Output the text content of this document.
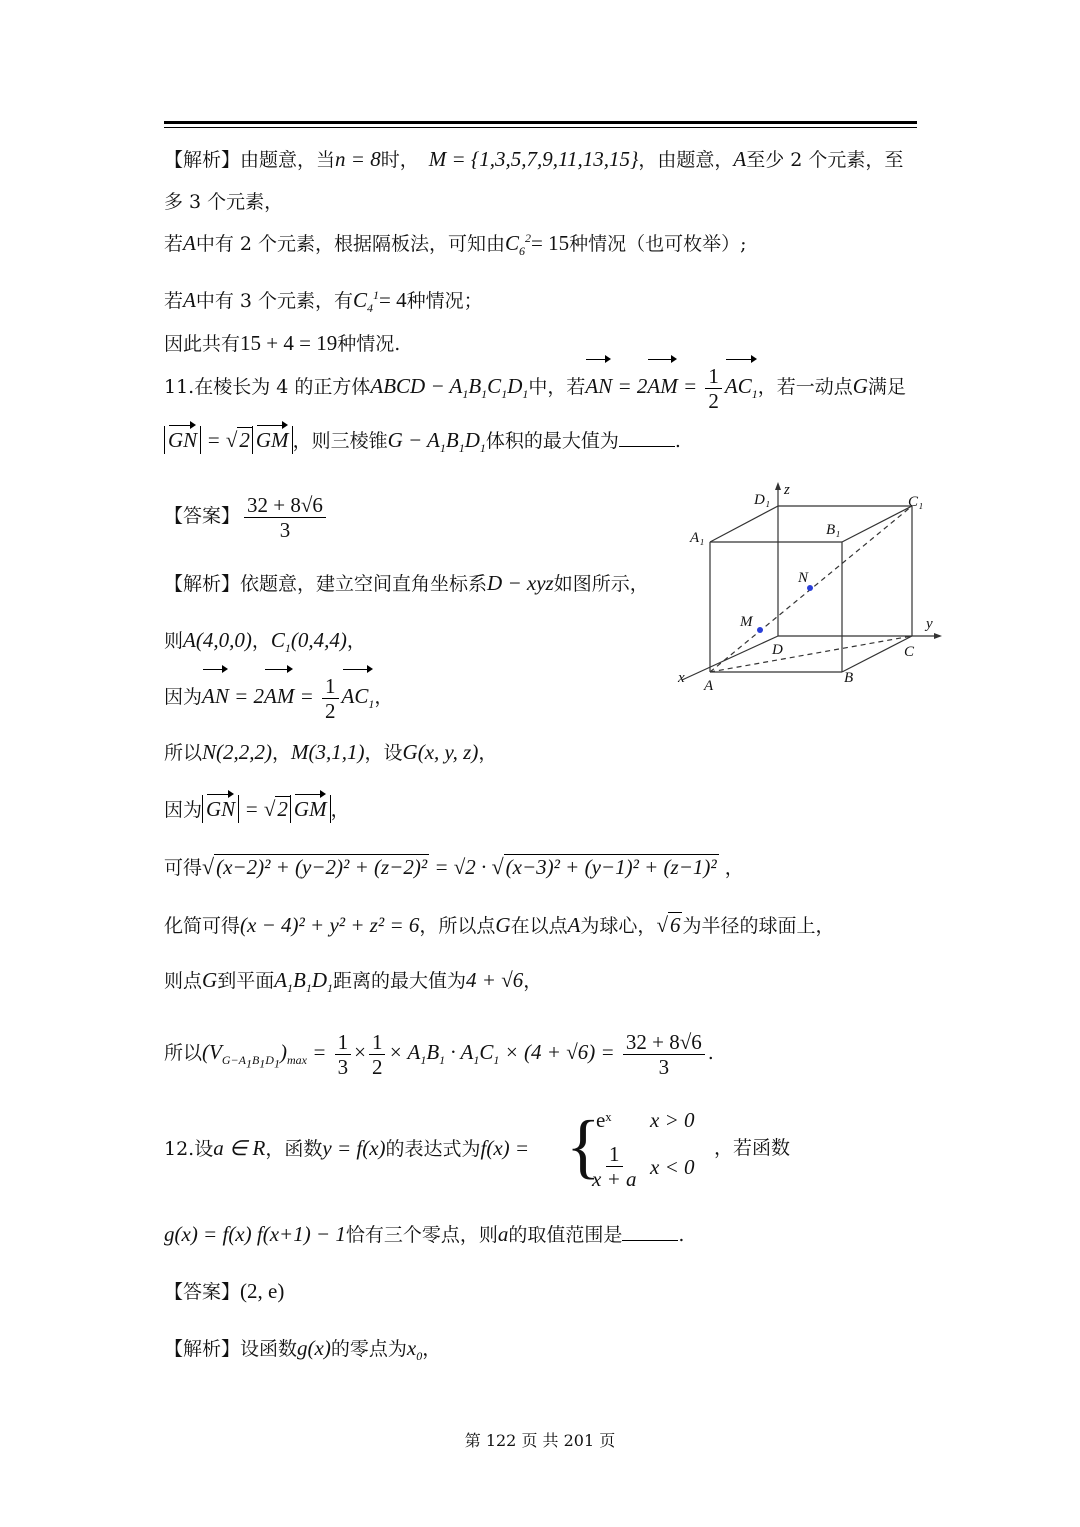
【解析】由题意，当n = 8时， M = {1,3,5,7,9,11,13,15}，由题意，A至少 2 个元素，至
多 3 个元素，
若A中有 2 个元素，根据隔板法，可知由$C_6^2= 15$种情况（也可枚举）;
若A中有 3 个元素，有$C_4^1= 4$种情况；
因此共有15 + 4 = 19种情况.
11.在棱长为 4 的正方体ABCD − $A_1B_1C_1D_1$中，若AN = $2AM = \frac{1}{2} AC_1$，若一动点G满足
GN = √2 GM ，则三棱锥$G - A_1B_1D_1$体积的最大值为	.
【答案】 $\frac{32 + 8√6}{3}$
【解析】依题意，建立空间直角坐标系D − xyz如图所示，
则A(4,0,0)，$C_1(0,4,4)$，
因为AN = $2AM = \frac{1}{2} AC_1$，
所以N(2,2,2)，M(3,1,1)，设G(x, y, z)，
因为 GN = √2 GM ，
可得√(x−2)² + (y−2)² + (z−2)² = √2 · √(x−3)² + (y−1)² + (z−1)² ，
化简可得(x − 4)² + y² + z² = 6，所以点G在以点A为球心，√6 为半径的球面上，
则点G到平面$A_1B_1D_1$距离的最大值为4 + √6，
所以$(V_{G-A_1B_1D_1})_{max} = \frac{1}{3} \times \frac{1}{2} \times A_1B_1 \cdot A_1C_1 \times (4 + √6) = \frac{32 + 8√6}{3}$ .
12.设a ∈ R，函数y = f(x)的表达式为f(x) = {
eˣ x > 0
$\frac{1}{x + a}$ x < 0
，若函数
g(x) = f(x) f(x+1) − 1恰有三个零点，则a的取值范围是	.
【答案】(2, e)
【解析】设函数g(x)的零点为$x_0$，
D₁
z
C₁
A₁	B₁
N
M	y
D	C
x A	B
第 122 页 共 201 页
